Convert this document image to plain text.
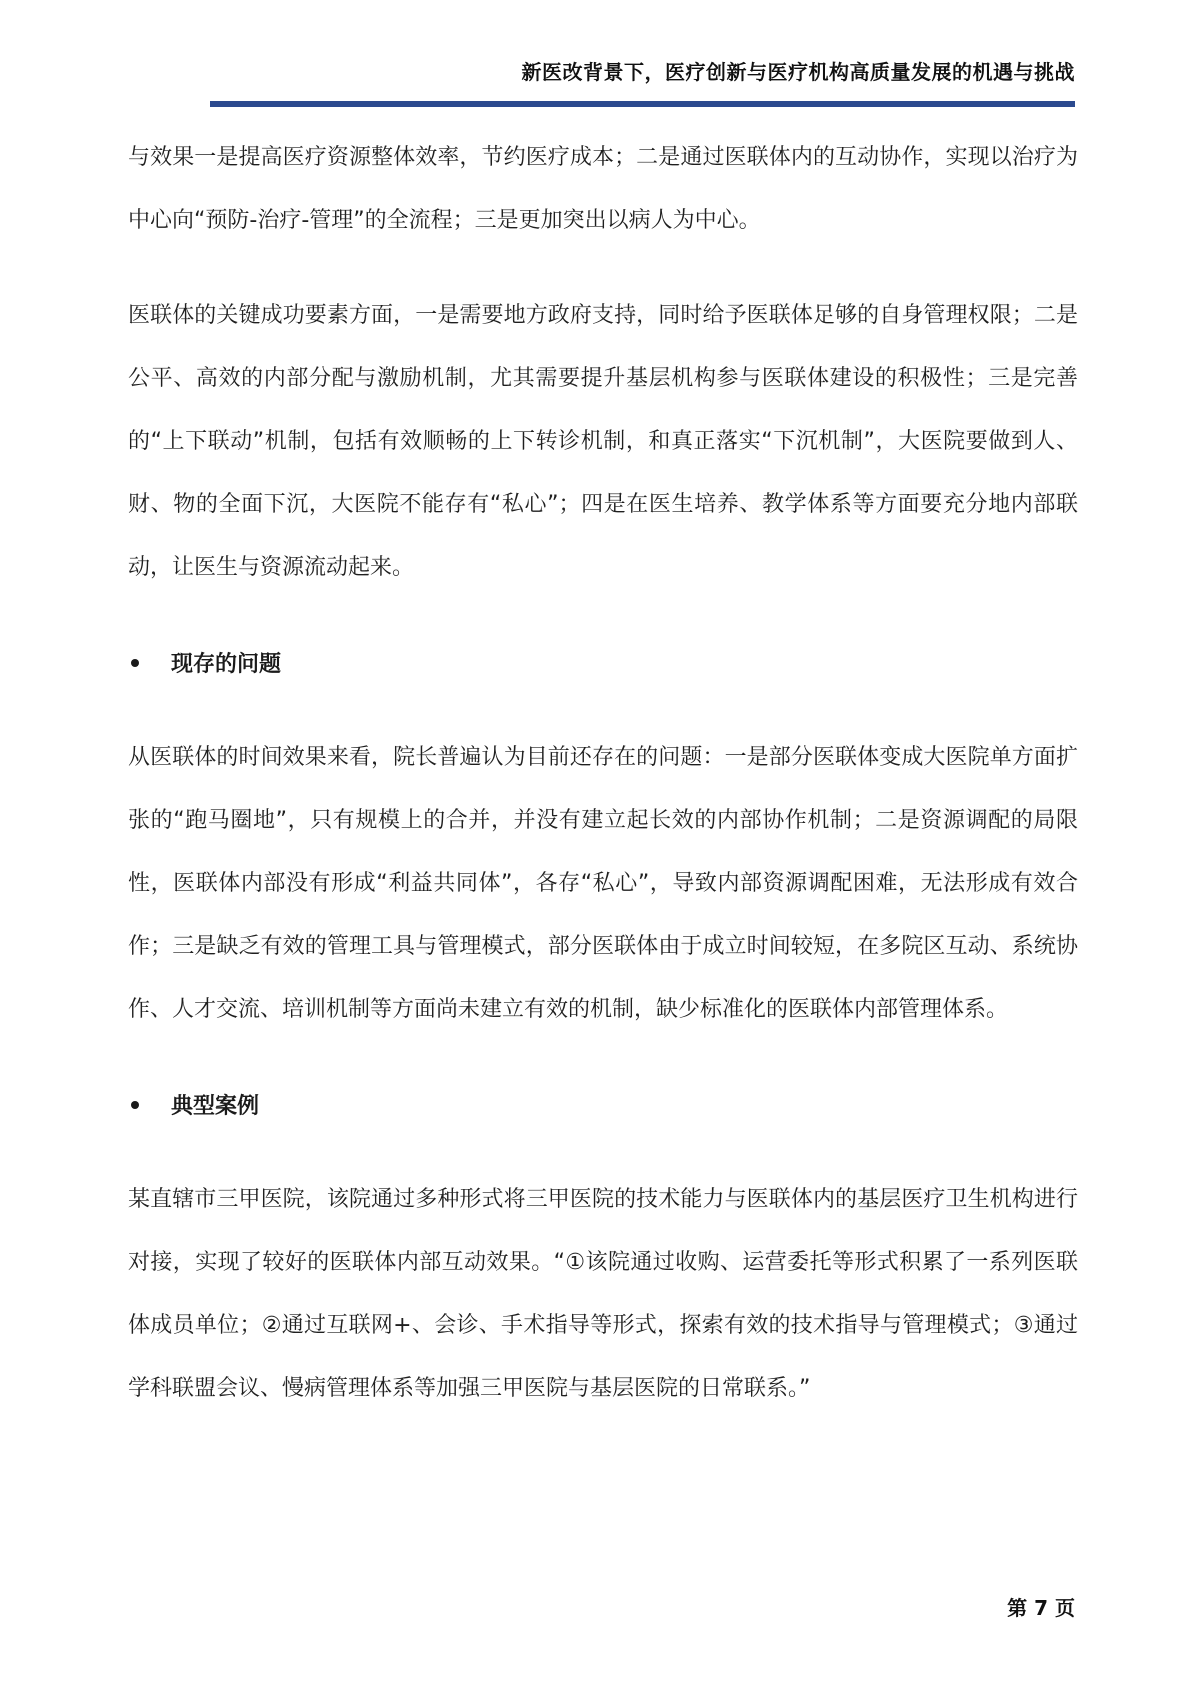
新医改背景下，医疗创新与医疗机构高质量发展的机遇与挑战

与效果一是提高医疗资源整体效率，节约医疗成本；二是通过医联体内的互动协作，实现以治疗为中心向“预防-治疗-管理”的全流程；三是更加突出以病人为中心。

医联体的关键成功要素方面，一是需要地方政府支持，同时给予医联体足够的自身管理权限；二是公平、高效的内部分配与激励机制，尤其需要提升基层机构参与医联体建设的积极性；三是完善的“上下联动”机制，包括有效顺畅的上下转诊机制，和真正落实“下沉机制”，大医院要做到人、财、物的全面下沉，大医院不能存有“私心”；四是在医生培养、教学体系等方面要充分地内部联动，让医生与资源流动起来。

现存的问题

从医联体的时间效果来看，院长普遍认为目前还存在的问题：一是部分医联体变成大医院单方面扩张的“跑马圈地”，只有规模上的合并，并没有建立起长效的内部协作机制；二是资源调配的局限性，医联体内部没有形成“利益共同体”，各存“私心”，导致内部资源调配困难，无法形成有效合作；三是缺乏有效的管理工具与管理模式，部分医联体由于成立时间较短，在多院区互动、系统协作、人才交流、培训机制等方面尚未建立有效的机制，缺少标准化的医联体内部管理体系。

典型案例

某直辖市三甲医院，该院通过多种形式将三甲医院的技术能力与医联体内的基层医疗卫生机构进行对接，实现了较好的医联体内部互动效果。“①该院通过收购、运营委托等形式积累了一系列医联体成员单位；②通过互联网+、会诊、手术指导等形式，探索有效的技术指导与管理模式；③通过学科联盟会议、慢病管理体系等加强三甲医院与基层医院的日常联系。”

第 7 页
